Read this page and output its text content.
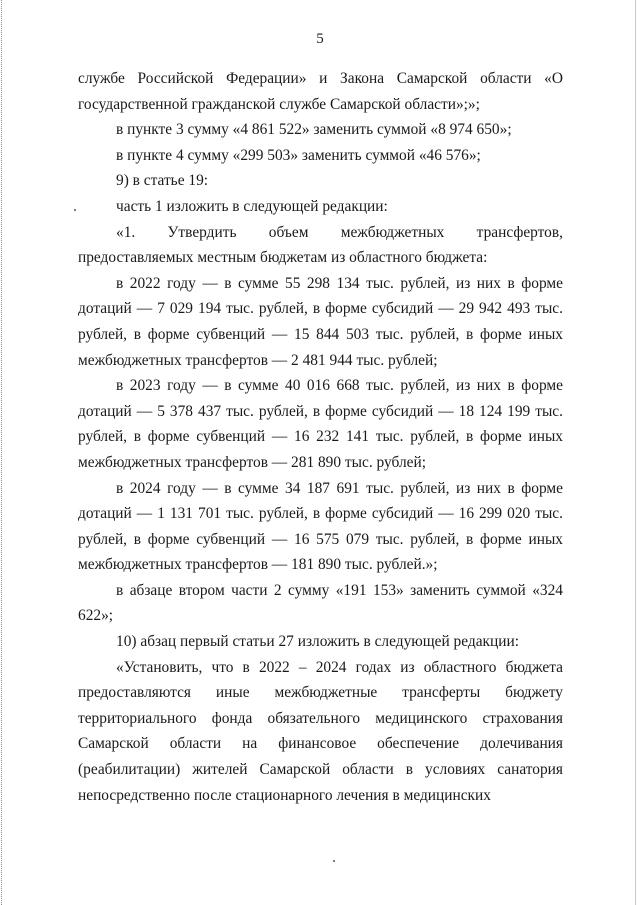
5

службе Российской Федерации» и Закона Самарской области «О государственной гражданской службе Самарской области»;»;

в пункте 3 сумму «4 861 522» заменить суммой «8 974 650»;

в пункте 4 сумму «299 503» заменить суммой «46 576»;

9) в статье 19:

часть 1 изложить в следующей редакции:

«1. Утвердить объем межбюджетных трансфертов, предоставляемых местным бюджетам из областного бюджета:

в 2022 году — в сумме 55 298 134 тыс. рублей, из них в форме дотаций — 7 029 194 тыс. рублей, в форме субсидий — 29 942 493 тыс. рублей, в форме субвенций — 15 844 503 тыс. рублей, в форме иных межбюджетных трансфертов — 2 481 944 тыс. рублей;

в 2023 году — в сумме 40 016 668 тыс. рублей, из них в форме дотаций — 5 378 437 тыс. рублей, в форме субсидий — 18 124 199 тыс. рублей, в форме субвенций — 16 232 141 тыс. рублей, в форме иных межбюджетных трансфертов — 281 890 тыс. рублей;

в 2024 году — в сумме 34 187 691 тыс. рублей, из них в форме дотаций — 1 131 701 тыс. рублей, в форме субсидий — 16 299 020 тыс. рублей, в форме субвенций — 16 575 079 тыс. рублей, в форме иных межбюджетных трансфертов — 181 890 тыс. рублей.»;

в абзаце втором части 2 сумму «191 153» заменить суммой «324 622»;

10) абзац первый статьи 27 изложить в следующей редакции:

«Установить, что в 2022 – 2024 годах из областного бюджета предоставляются иные межбюджетные трансферты бюджету территориального фонда обязательного медицинского страхования Самарской области на финансовое обеспечение долечивания (реабилитации) жителей Самарской области в условиях санатория непосредственно после стационарного лечения в медицинских
